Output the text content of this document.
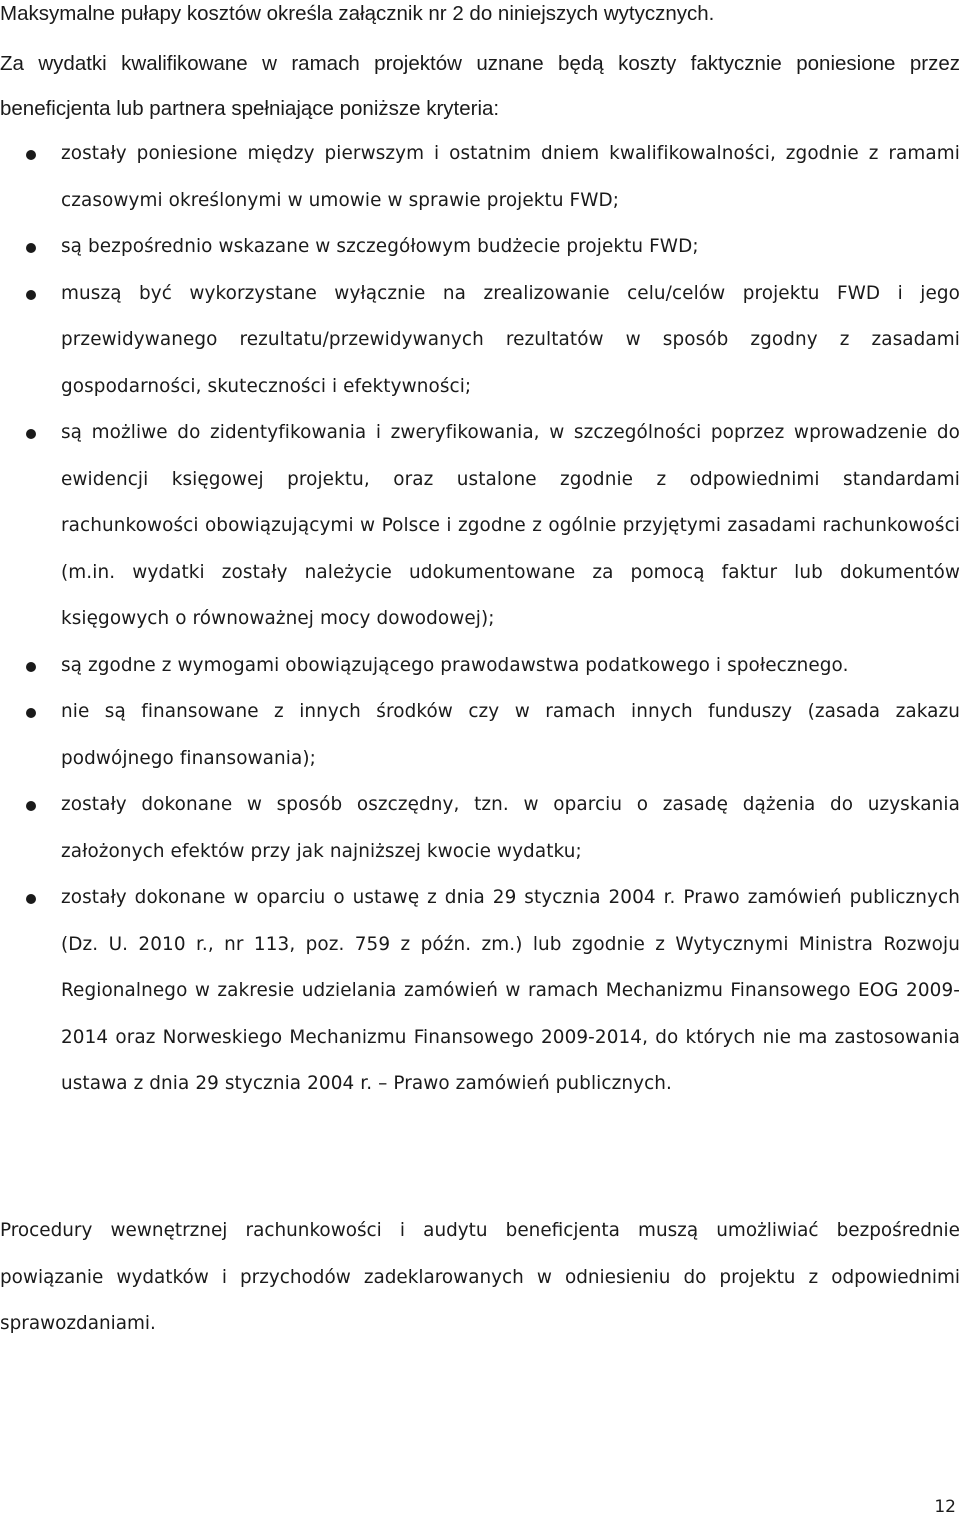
Maksymalne pułapy kosztów określa załącznik nr 2 do niniejszych wytycznych.

Za wydatki kwalifikowane w ramach projektów uznane będą koszty faktycznie poniesione przez beneficjenta lub partnera spełniające poniższe kryteria:

zostały poniesione między pierwszym i ostatnim dniem kwalifikowalności, zgodnie z ramami czasowymi określonymi w umowie w sprawie projektu FWD;
są bezpośrednio wskazane w szczegółowym budżecie projektu FWD;
muszą być wykorzystane wyłącznie na zrealizowanie celu/celów projektu FWD i jego przewidywanego rezultatu/przewidywanych rezultatów w sposób zgodny z zasadami gospodarności, skuteczności i efektywności;
są możliwe do zidentyfikowania i zweryfikowania, w szczególności poprzez wprowadzenie do ewidencji księgowej projektu, oraz ustalone zgodnie z odpowiednimi standardami rachunkowości obowiązującymi w Polsce i zgodne z ogólnie przyjętymi zasadami rachunkowości (m.in. wydatki zostały należycie udokumentowane za pomocą faktur lub dokumentów księgowych o równoważnej mocy dowodowej);
są zgodne z wymogami obowiązującego prawodawstwa podatkowego i społecznego.
nie są finansowane z innych środków czy w ramach innych funduszy (zasada zakazu podwójnego finansowania);
zostały dokonane w sposób oszczędny, tzn. w oparciu o zasadę dążenia do uzyskania założonych efektów przy jak najniższej kwocie wydatku;
zostały dokonane w oparciu o ustawę z dnia 29 stycznia 2004 r. Prawo zamówień publicznych (Dz. U. 2010 r., nr 113, poz. 759 z późn. zm.) lub zgodnie z Wytycznymi Ministra Rozwoju Regionalnego w zakresie udzielania zamówień w ramach Mechanizmu Finansowego EOG 2009-2014 oraz Norweskiego Mechanizmu Finansowego 2009-2014, do których nie ma zastosowania ustawa z dnia 29 stycznia 2004 r. – Prawo zamówień publicznych.

Procedury wewnętrznej rachunkowości i audytu beneficjenta muszą umożliwiać bezpośrednie powiązanie wydatków i przychodów zadeklarowanych w odniesieniu do projektu z odpowiednimi sprawozdaniami.

12
